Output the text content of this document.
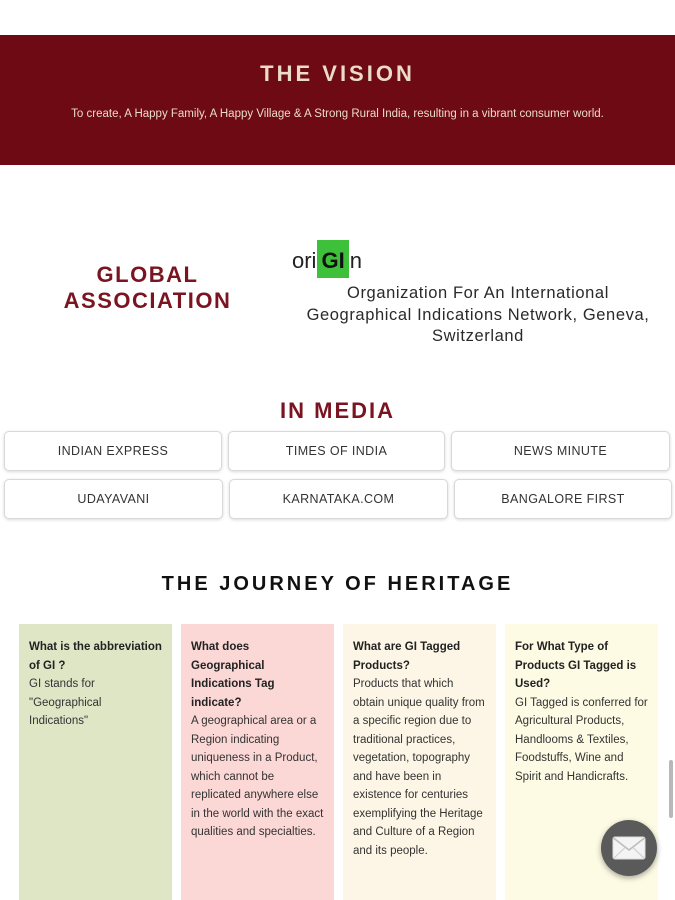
THE VISION

To create, A Happy Family, A Happy Village & A Strong Rural India, resulting in a vibrant consumer world.

GLOBAL ASSOCIATION
ori GI n

Organization For An International Geographical Indications Network, Geneva, Switzerland

IN MEDIA
INDIAN EXPRESS	TIMES OF INDIA	NEWS MINUTE
UDAYAVANI	KARNATAKA.COM	BANGALORE FIRST
THE JOURNEY OF HERITAGE
What is the abbreviation of GI ?
GI stands for "Geographical Indications"
What does Geographical Indications Tag indicate?
A geographical area or a Region indicating uniqueness in a Product, which cannot be replicated anywhere else in the world with the exact qualities and specialties.
What are GI Tagged Products?
Products that which obtain unique quality from a specific region due to traditional practices, vegetation, topography and have been in existence for centuries exemplifying the Heritage and Culture of a Region and its people.
For What Type of Products GI Tagged is Used?
GI Tagged is conferred for Agricultural Products, Handlooms & Textiles, Foodstuffs, Wine and Spirit and Handicrafts.
